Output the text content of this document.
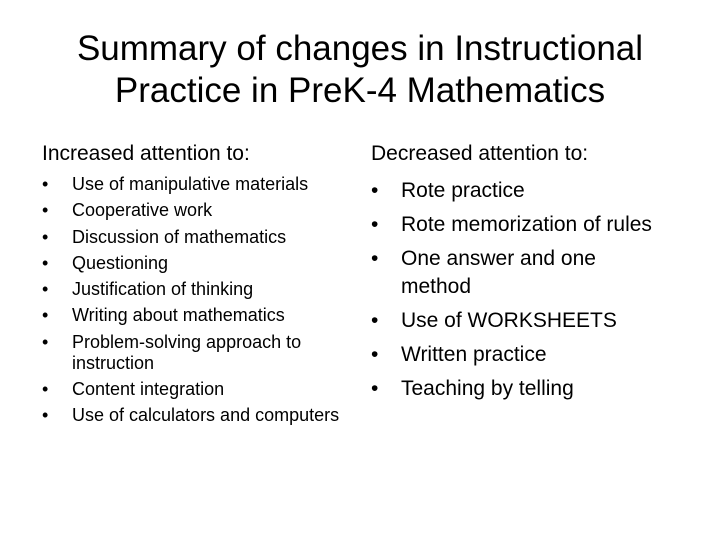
Summary of changes in Instructional
Practice in PreK-4 Mathematics
Increased attention to:	Decreased attention to:
• Use of manipulative materials
• Cooperative work
• Discussion of mathematics
• Questioning
• Justification of thinking
• Writing about mathematics
• Problem-solving approach to instruction
• Content integration
• Use of calculators and computers
• Rote practice
• Rote memorization of rules
• One answer and one method
• Use of WORKSHEETS
• Written practice
• Teaching by telling
